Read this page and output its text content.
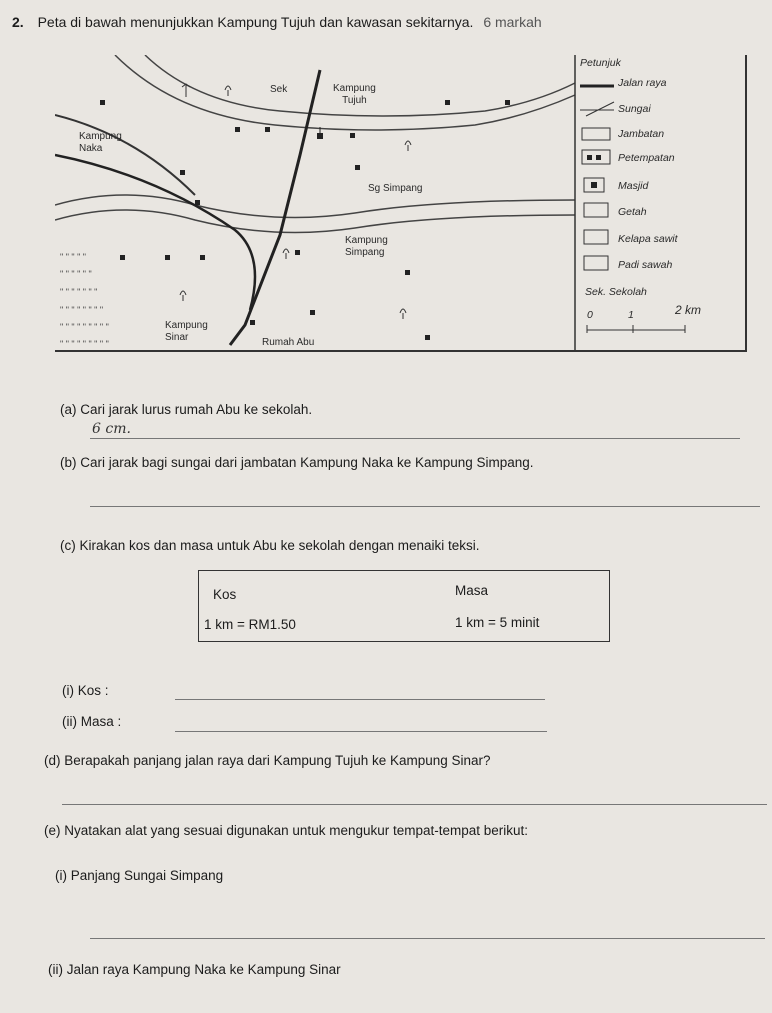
2. Peta di bawah menunjukkan Kampung Tujuh dan kawasan sekitarnya. 6 markah
" " " " "
" " " " " "
" " " " " " "
" " " " " " " "
" " " " " " " " "
" " " " " " " " "
Kampung
Naka
Sek	Kampung
Tujuh
Sg Simpang
Kampung
Simpang
Kampung
Sinar	Rumah Abu
Petunjuk
Jalan raya
Sungai
Jambatan
Petempatan
Masjid
Getah
Kelapa sawit
Padi sawah
Sek. Sekolah
0	1	2 km
(a) Cari jarak lurus rumah Abu ke sekolah.
6 cm.
(b) Cari jarak bagi sungai dari jambatan Kampung Naka ke Kampung Simpang.
(c) Kirakan kos dan masa untuk Abu ke sekolah dengan menaiki teksi.
Kos	Masa
1 km = RM1.50	1 km = 5 minit
(i) Kos :
(ii) Masa :
(d) Berapakah panjang jalan raya dari Kampung Tujuh ke Kampung Sinar?
(e) Nyatakan alat yang sesuai digunakan untuk mengukur tempat-tempat berikut:
(i) Panjang Sungai Simpang
(ii) Jalan raya Kampung Naka ke Kampung Sinar
